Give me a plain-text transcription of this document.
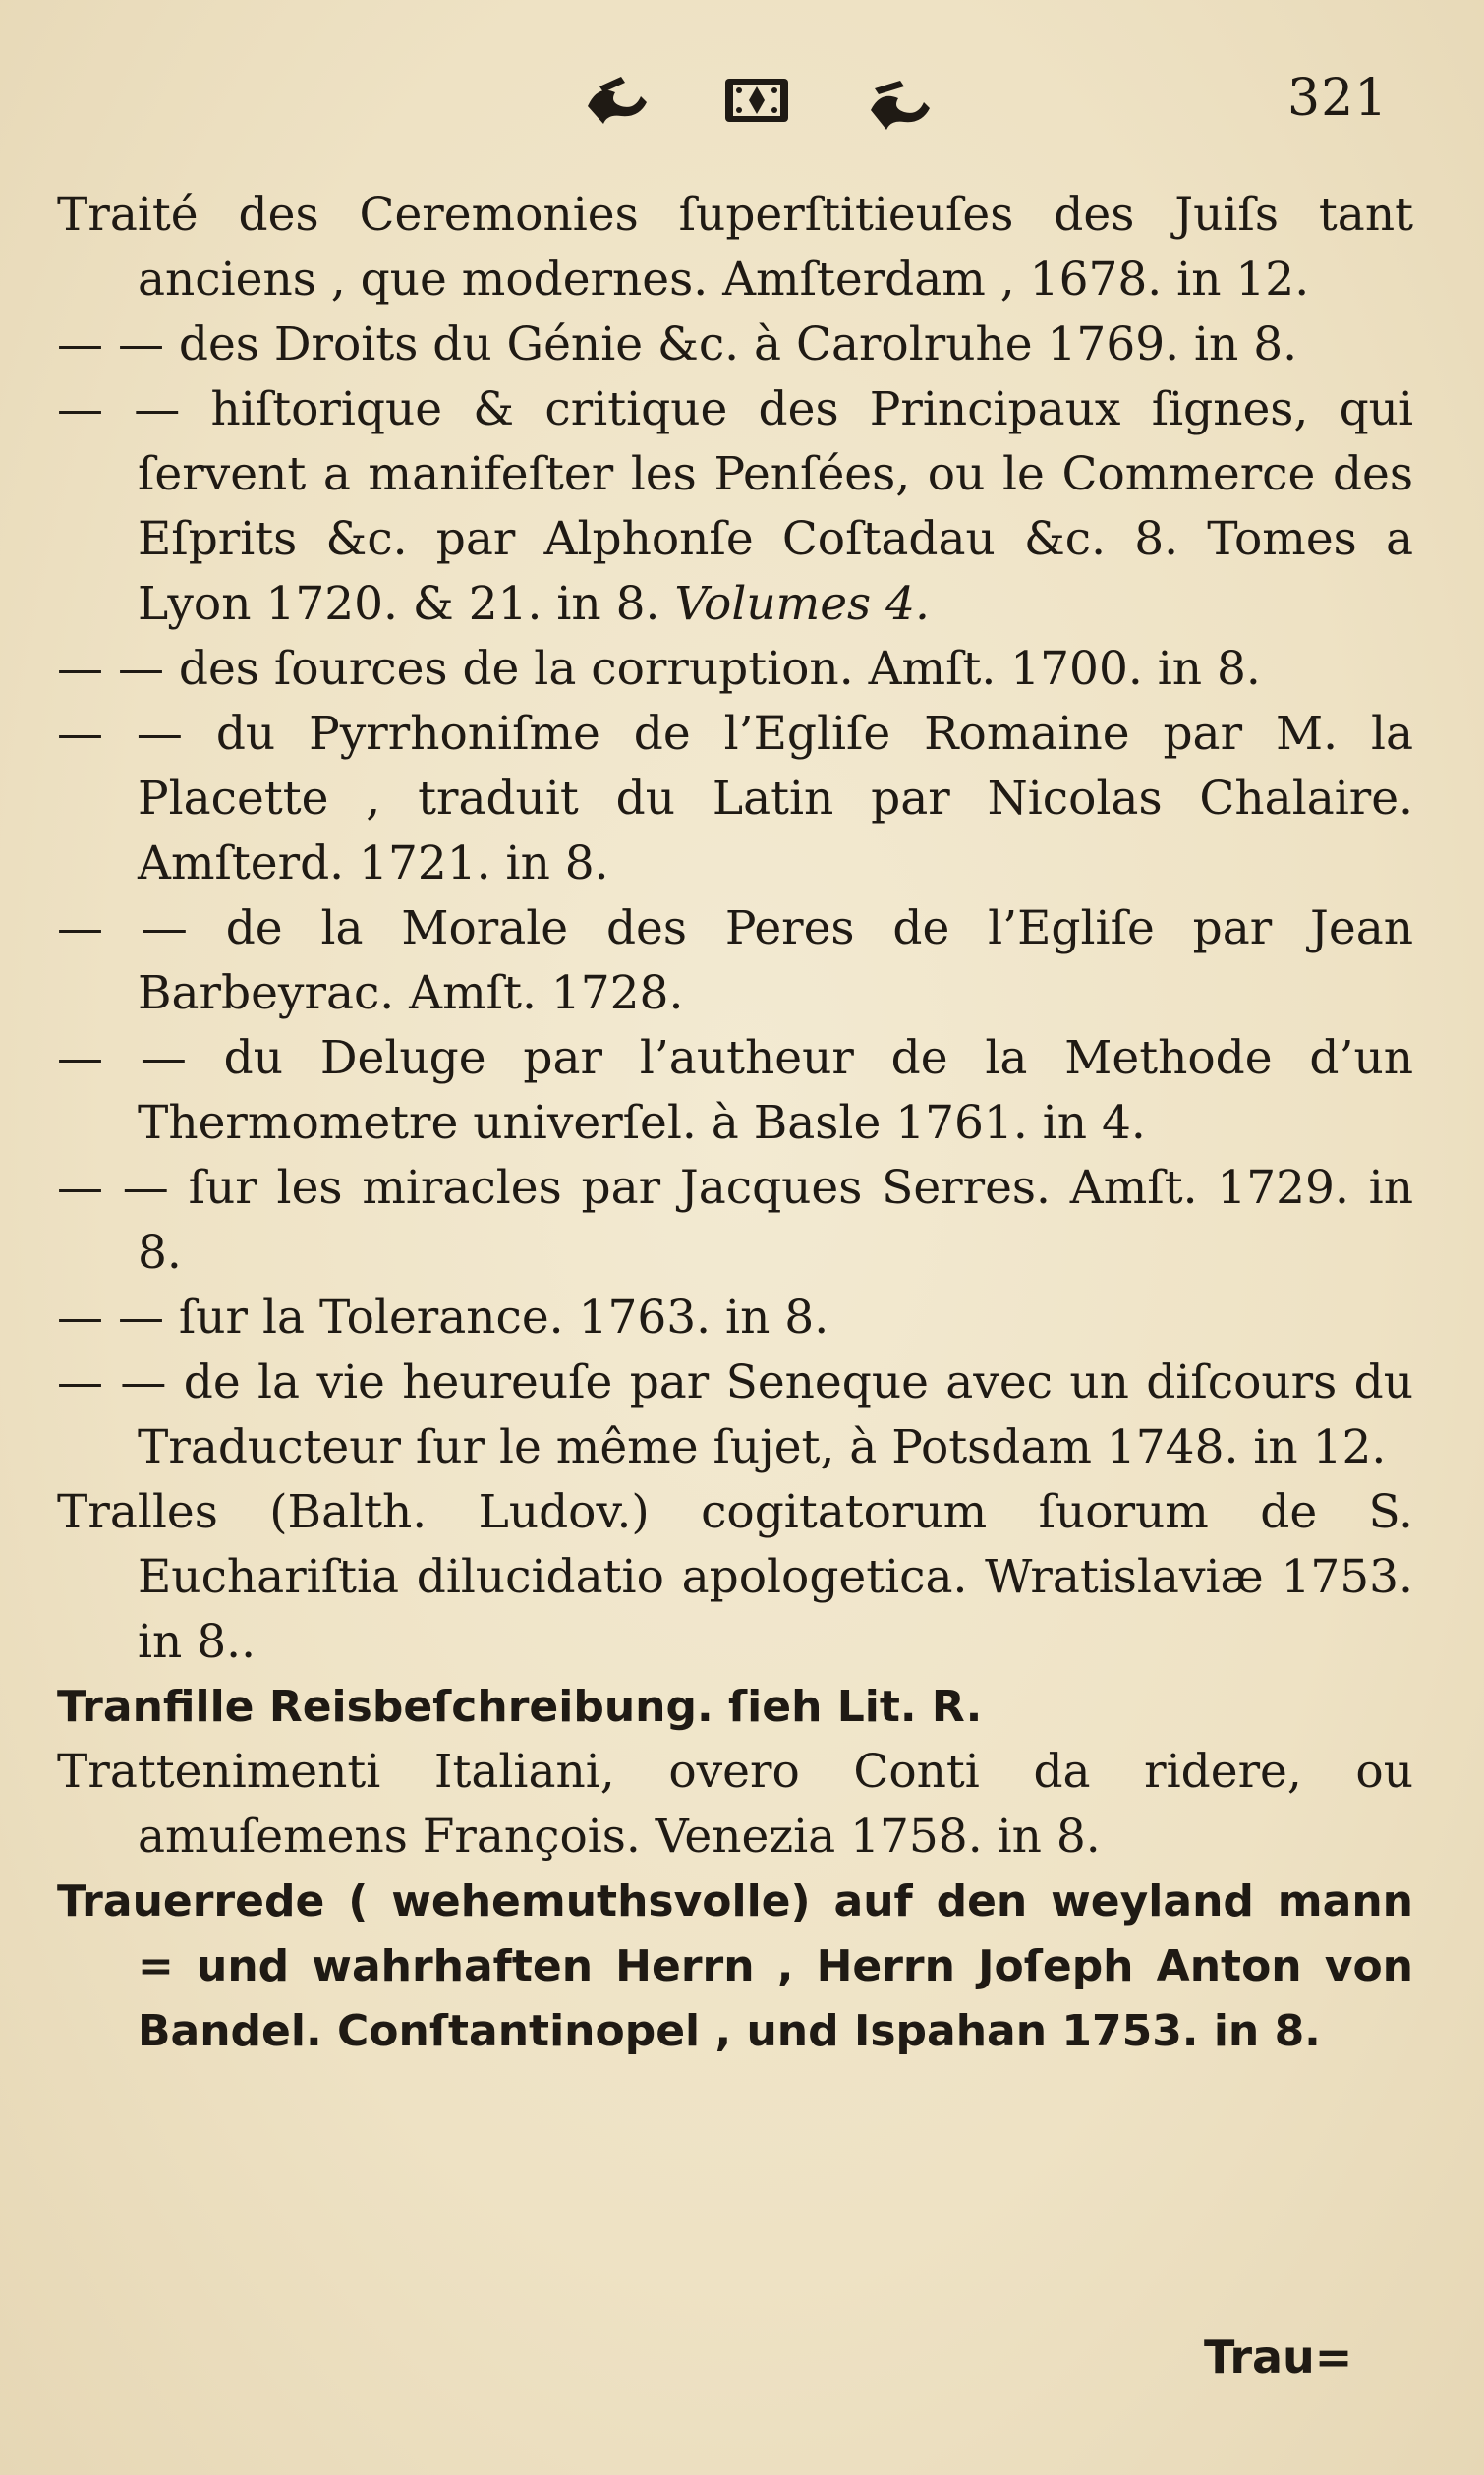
321

Traité des Ceremonies ſuperſtitieuſes des Juiſs tant anciens , que modernes. Amſterdam , 1678. in 12.

— — des Droits du Génie &c. à Carolruhe 1769. in 8.

— — hiſtorique & critique des Principaux ſignes, qui ſervent a manifeſter les Penſées, ou le Commerce des Eſprits &c. par Alphonſe Coſtadau &c. 8. Tomes a Lyon 1720. & 21. in 8. Volumes 4.

— — des ſources de la corruption. Amſt. 1700. in 8.

— — du Pyrrhoniſme de l’Egliſe Romaine par M. la Placette , traduit du Latin par Nicolas Chalaire. Amſterd. 1721. in 8.

— — de la Morale des Peres de l’Egliſe par Jean Barbeyrac. Amſt. 1728.

— — du Deluge par l’autheur de la Methode d’un Thermometre univerſel. à Basle 1761. in 4.

— — ſur les miracles par Jacques Serres. Amſt. 1729. in 8.

— — ſur la Tolerance. 1763. in 8.

— — de la vie heureuſe par Seneque avec un diſcours du Traducteur ſur le même ſujet, à Potsdam 1748. in 12.

Tralles (Balth. Ludov.) cogitatorum ſuorum de S. Euchariſtia dilucidatio apologetica. Wratislaviæ 1753. in 8..

Tranfille Reisbeſchreibung. ſieh Lit. R.

Trattenimenti Italiani, overo Conti da ridere, ou amuſemens François. Venezia 1758. in 8.

Trauerrede ( wehemuthsvolle) auf den weyland mann = und wahrhaften Herrn , Herrn Joſeph Anton von Bandel. Conſtantinopel , und Ispahan 1753. in 8.

Trau=
